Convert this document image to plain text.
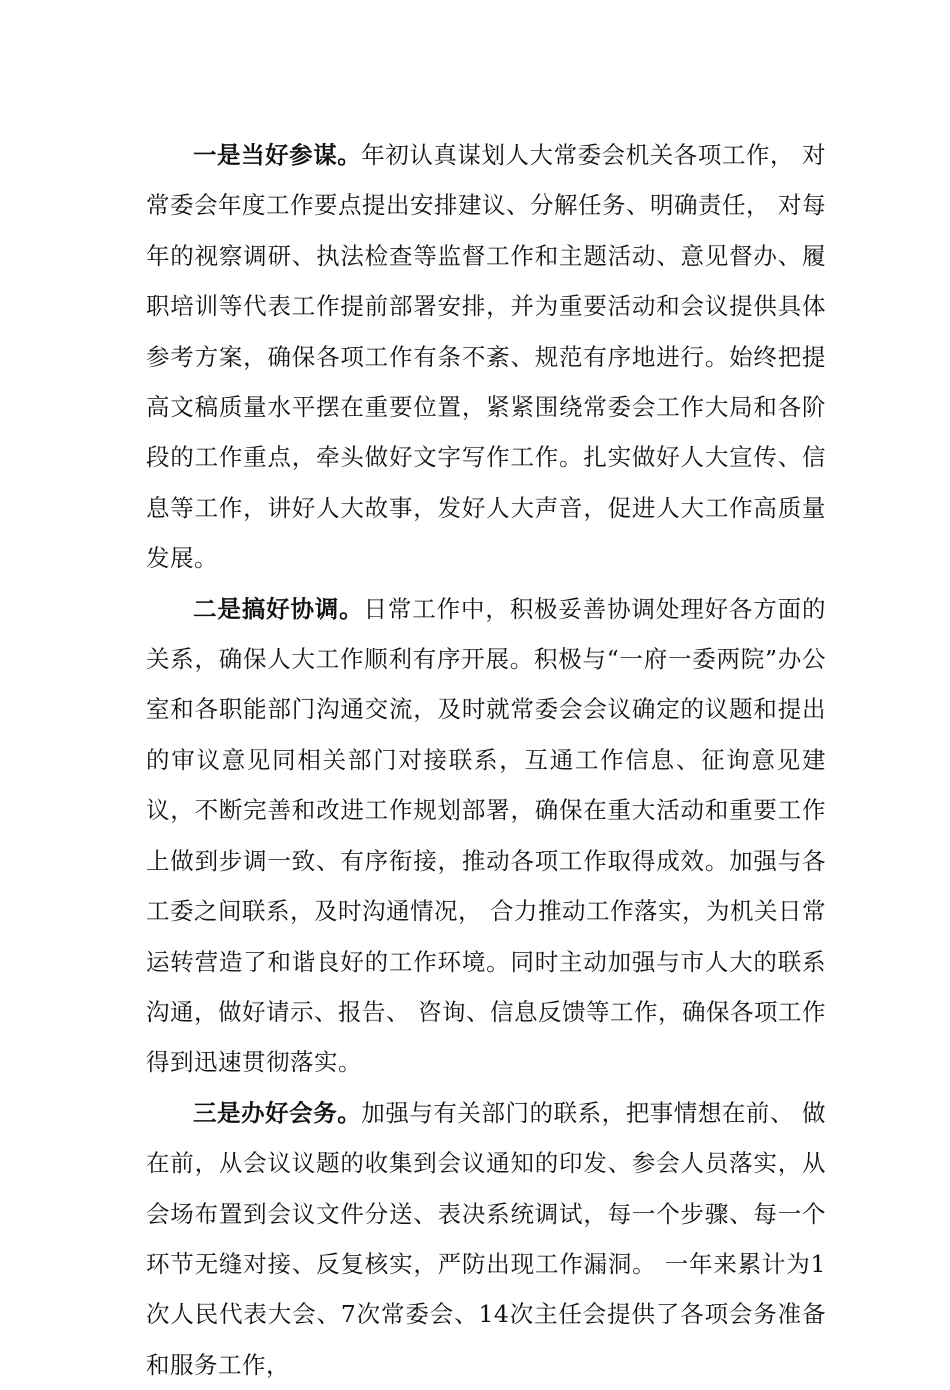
一是当好参谋。年初认真谋划人大常委会机关各项工作， 对常委会年度工作要点提出安排建议、分解任务、明确责任， 对每年的视察调研、执法检查等监督工作和主题活动、意见督办、履职培训等代表工作提前部署安排，并为重要活动和会议提供具体参考方案，确保各项工作有条不紊、规范有序地进行。始终把提高文稿质量水平摆在重要位置，紧紧围绕常委会工作大局和各阶段的工作重点，牵头做好文字写作工作。扎实做好人大宣传、信息等工作，讲好人大故事，发好人大声音，促进人大工作高质量发展。

二是搞好协调。日常工作中，积极妥善协调处理好各方面的关系，确保人大工作顺利有序开展。积极与“一府一委两院”办公室和各职能部门沟通交流，及时就常委会会议确定的议题和提出的审议意见同相关部门对接联系，互通工作信息、征询意见建议，不断完善和改进工作规划部署，确保在重大活动和重要工作上做到步调一致、有序衔接，推动各项工作取得成效。加强与各工委之间联系，及时沟通情况， 合力推动工作落实，为机关日常运转营造了和谐良好的工作环境。同时主动加强与市人大的联系沟通，做好请示、报告、 咨询、信息反馈等工作，确保各项工作得到迅速贯彻落实。

三是办好会务。加强与有关部门的联系，把事情想在前、 做在前，从会议议题的收集到会议通知的印发、参会人员落实，从会场布置到会议文件分送、表决系统调试，每一个步骤、每一个环节无缝对接、反复核实，严防出现工作漏洞。 一年来累计为1次人民代表大会、7次常委会、14次主任会提供了各项会务准备和服务工作，
